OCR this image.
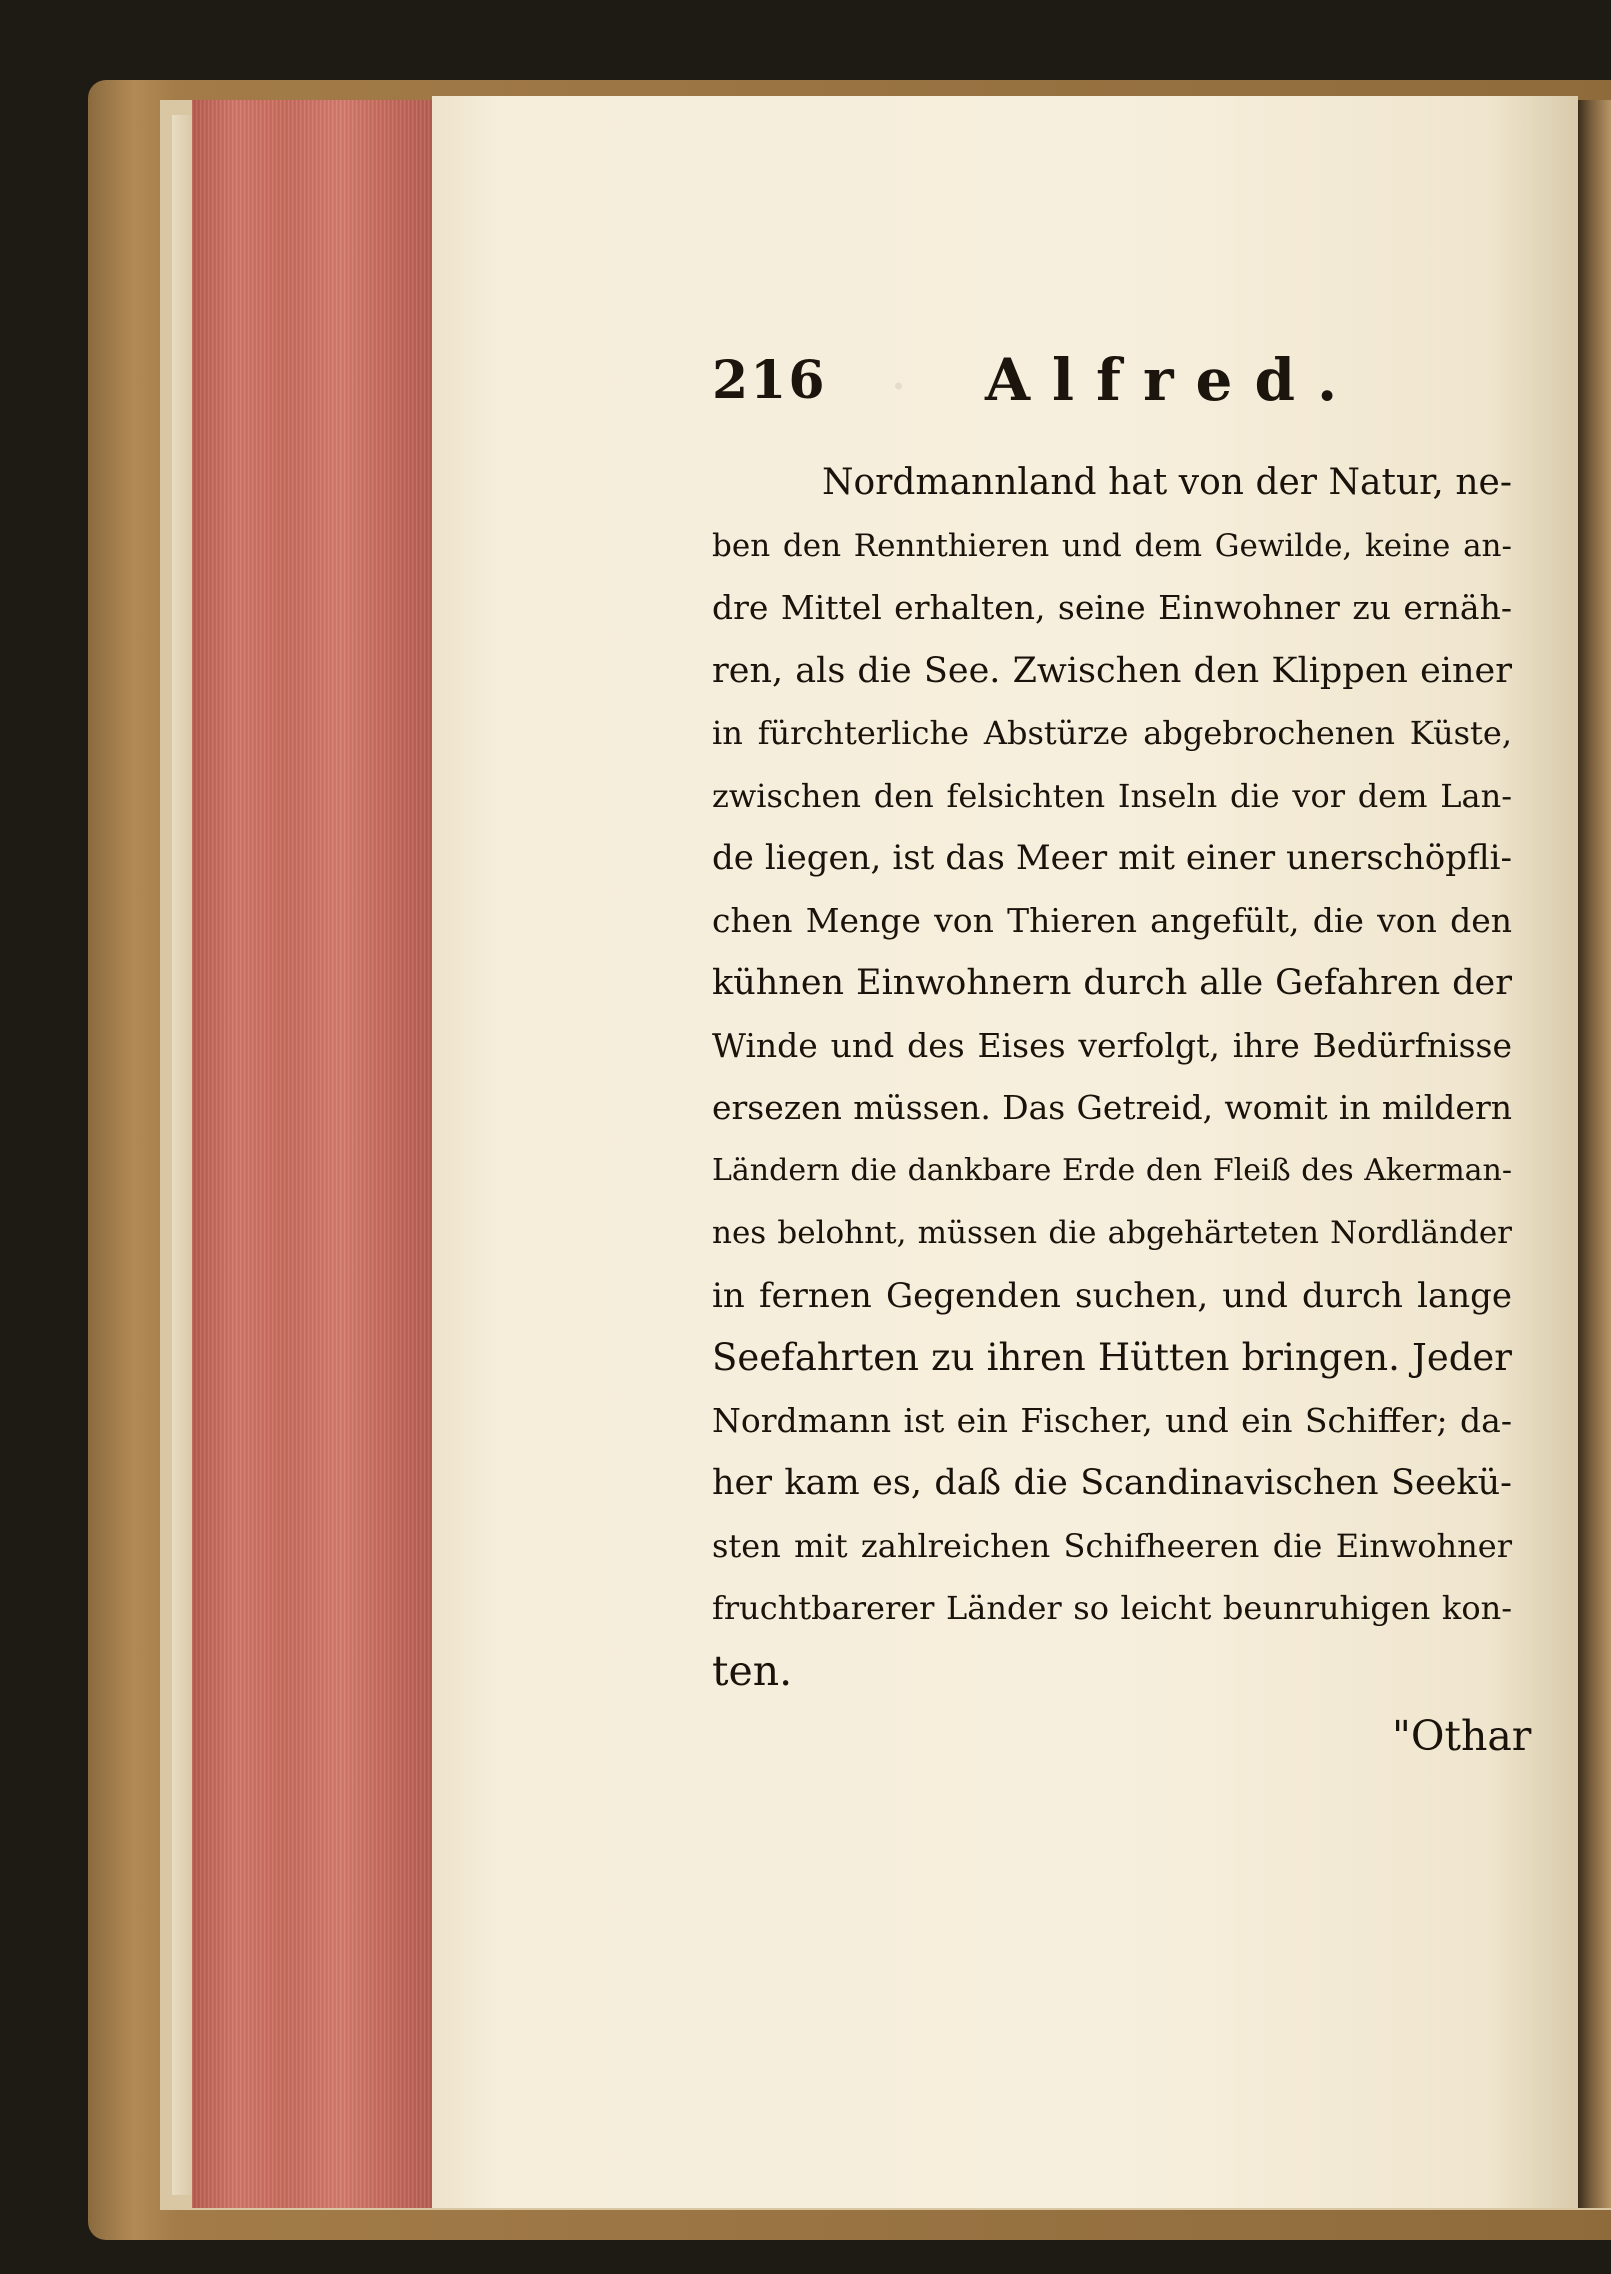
·
216	Alfred.
Nordmannland hat von der Natur, ne-
ben den Rennthieren und dem Gewilde, keine an-
dre Mittel erhalten, seine Einwohner zu ernäh-
ren, als die See. Zwischen den Klippen einer
in fürchterliche Abstürze abgebrochenen Küste,
zwischen den felsichten Inseln die vor dem Lan-
de liegen, ist das Meer mit einer unerschöpfli-
chen Menge von Thieren angefült, die von den
kühnen Einwohnern durch alle Gefahren der
Winde und des Eises verfolgt, ihre Bedürfnisse
ersezen müssen. Das Getreid, womit in mildern
Ländern die dankbare Erde den Fleiß des Akerman-
nes belohnt, müssen die abgehärteten Nordländer
in fernen Gegenden suchen, und durch lange
Seefahrten zu ihren Hütten bringen. Jeder
Nordmann ist ein Fischer, und ein Schiffer; da-
her kam es, daß die Scandinavischen Seekü-
sten mit zahlreichen Schifheeren die Einwohner
fruchtbarerer Länder so leicht beunruhigen kon-
ten.
"Othar
